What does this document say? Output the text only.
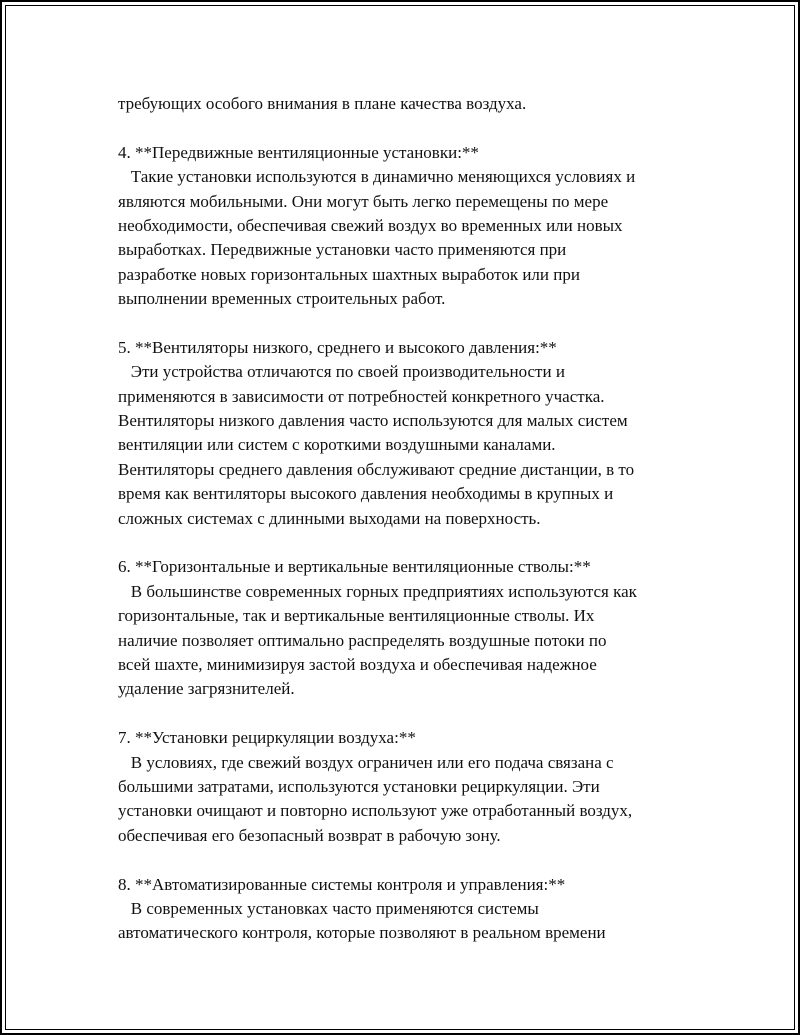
требующих особого внимания в плане качества воздуха.
4. **Передвижные вентиляционные установки:**
Такие установки используются в динамично меняющихся условиях и
являются мобильными. Они могут быть легко перемещены по мере
необходимости, обеспечивая свежий воздух во временных или новых
выработках. Передвижные установки часто применяются при
разработке новых горизонтальных шахтных выработок или при
выполнении временных строительных работ.
5. **Вентиляторы низкого, среднего и высокого давления:**
Эти устройства отличаются по своей производительности и
применяются в зависимости от потребностей конкретного участка.
Вентиляторы низкого давления часто используются для малых систем
вентиляции или систем с короткими воздушными каналами.
Вентиляторы среднего давления обслуживают средние дистанции, в то
время как вентиляторы высокого давления необходимы в крупных и
сложных системах с длинными выходами на поверхность.
6. **Горизонтальные и вертикальные вентиляционные стволы:**
В большинстве современных горных предприятиях используются как
горизонтальные, так и вертикальные вентиляционные стволы. Их
наличие позволяет оптимально распределять воздушные потоки по
всей шахте, минимизируя застой воздуха и обеспечивая надежное
удаление загрязнителей.
7. **Установки рециркуляции воздуха:**
В условиях, где свежий воздух ограничен или его подача связана с
большими затратами, используются установки рециркуляции. Эти
установки очищают и повторно используют уже отработанный воздух,
обеспечивая его безопасный возврат в рабочую зону.
8. **Автоматизированные системы контроля и управления:**
В современных установках часто применяются системы
автоматического контроля, которые позволяют в реальном времени
